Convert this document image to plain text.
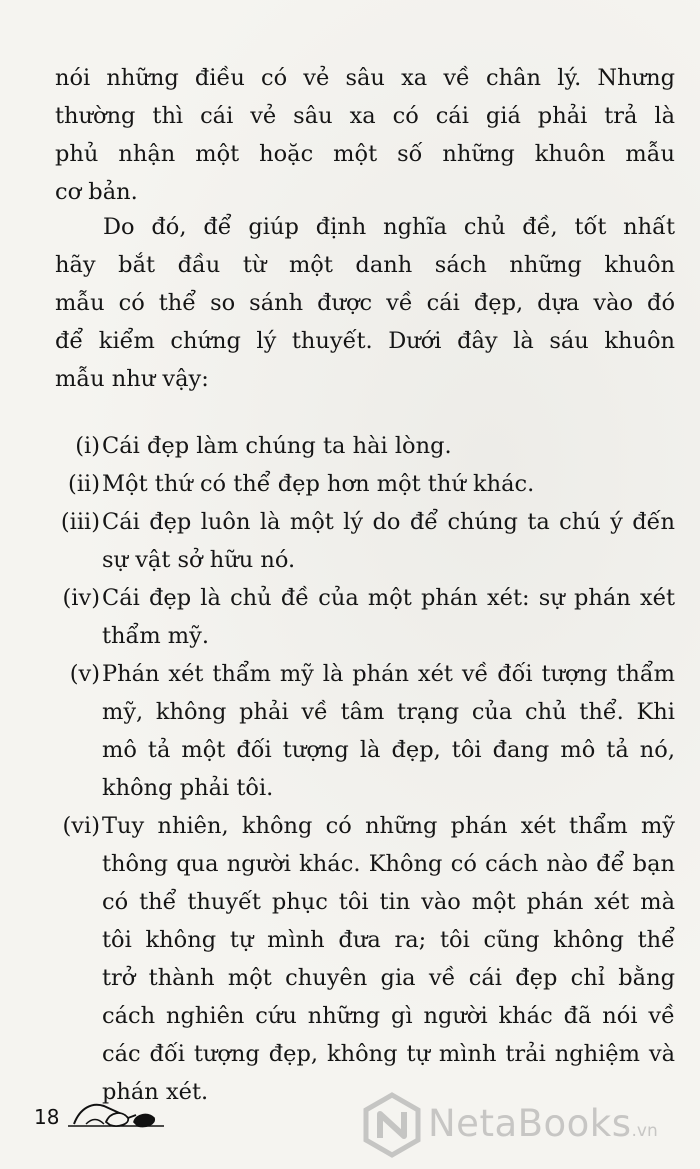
nói những điều có vẻ sâu xa về chân lý. Nhưng
thường thì cái vẻ sâu xa có cái giá phải trả là
phủ nhận một hoặc một số những khuôn mẫu
cơ bản.
Do đó, để giúp định nghĩa chủ đề, tốt nhất
hãy bắt đầu từ một danh sách những khuôn
mẫu có thể so sánh được về cái đẹp, dựa vào đó
để kiểm chứng lý thuyết. Dưới đây là sáu khuôn
mẫu như vậy:
(i) Cái đẹp làm chúng ta hài lòng.
(ii) Một thứ có thể đẹp hơn một thứ khác.
(iii) Cái đẹp luôn là một lý do để chúng ta chú ý đến
sự vật sở hữu nó.
(iv) Cái đẹp là chủ đề của một phán xét: sự phán xét
thẩm mỹ.
(v) Phán xét thẩm mỹ là phán xét về đối tượng thẩm
mỹ, không phải về tâm trạng của chủ thể. Khi
mô tả một đối tượng là đẹp, tôi đang mô tả nó,
không phải tôi.
(vi) Tuy nhiên, không có những phán xét thẩm mỹ
thông qua người khác. Không có cách nào để bạn
có thể thuyết phục tôi tin vào một phán xét mà
tôi không tự mình đưa ra; tôi cũng không thể
trở thành một chuyên gia về cái đẹp chỉ bằng
cách nghiên cứu những gì người khác đã nói về
các đối tượng đẹp, không tự mình trải nghiệm và
phán xét.
18	NetaBooks.vn
